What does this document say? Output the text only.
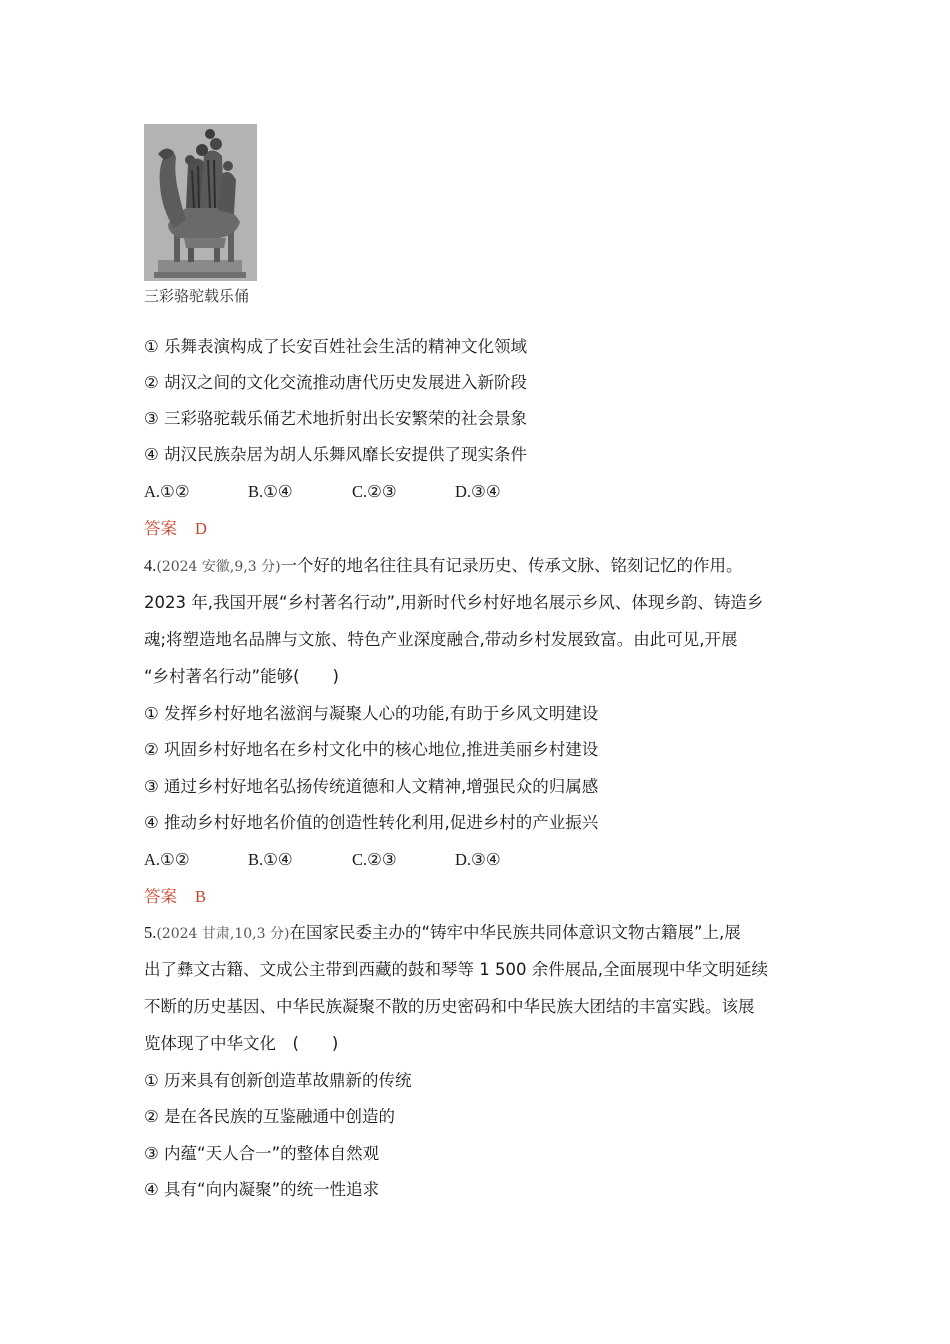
三彩骆驼载乐俑
① 乐舞表演构成了长安百姓社会生活的精神文化领域
② 胡汉之间的文化交流推动唐代历史发展进入新阶段
③ 三彩骆驼载乐俑艺术地折射出长安繁荣的社会景象
④ 胡汉民族杂居为胡人乐舞风靡长安提供了现实条件
A.①②	B.①④	C.②③	D.③④
答案 D
4.(2024 安徽,9,3 分)一个好的地名往往具有记录历史、传承文脉、铭刻记忆的作用。
2023 年,我国开展“乡村著名行动”,用新时代乡村好地名展示乡风、体现乡韵、铸造乡
魂;将塑造地名品牌与文旅、特色产业深度融合,带动乡村发展致富。由此可见,开展
“乡村著名行动”能够(　　)
① 发挥乡村好地名滋润与凝聚人心的功能,有助于乡风文明建设
② 巩固乡村好地名在乡村文化中的核心地位,推进美丽乡村建设
③ 通过乡村好地名弘扬传统道德和人文精神,增强民众的归属感
④ 推动乡村好地名价值的创造性转化利用,促进乡村的产业振兴
A.①②	B.①④	C.②③	D.③④
答案 B
5.(2024 甘肃,10,3 分)在国家民委主办的“铸牢中华民族共同体意识文物古籍展”上,展
出了彝文古籍、文成公主带到西藏的鼓和琴等 1 500 余件展品,全面展现中华文明延续
不断的历史基因、中华民族凝聚不散的历史密码和中华民族大团结的丰富实践。该展
览体现了中华文化　(　　)
① 历来具有创新创造革故鼎新的传统
② 是在各民族的互鉴融通中创造的
③ 内蕴“天人合一”的整体自然观
④ 具有“向内凝聚”的统一性追求
